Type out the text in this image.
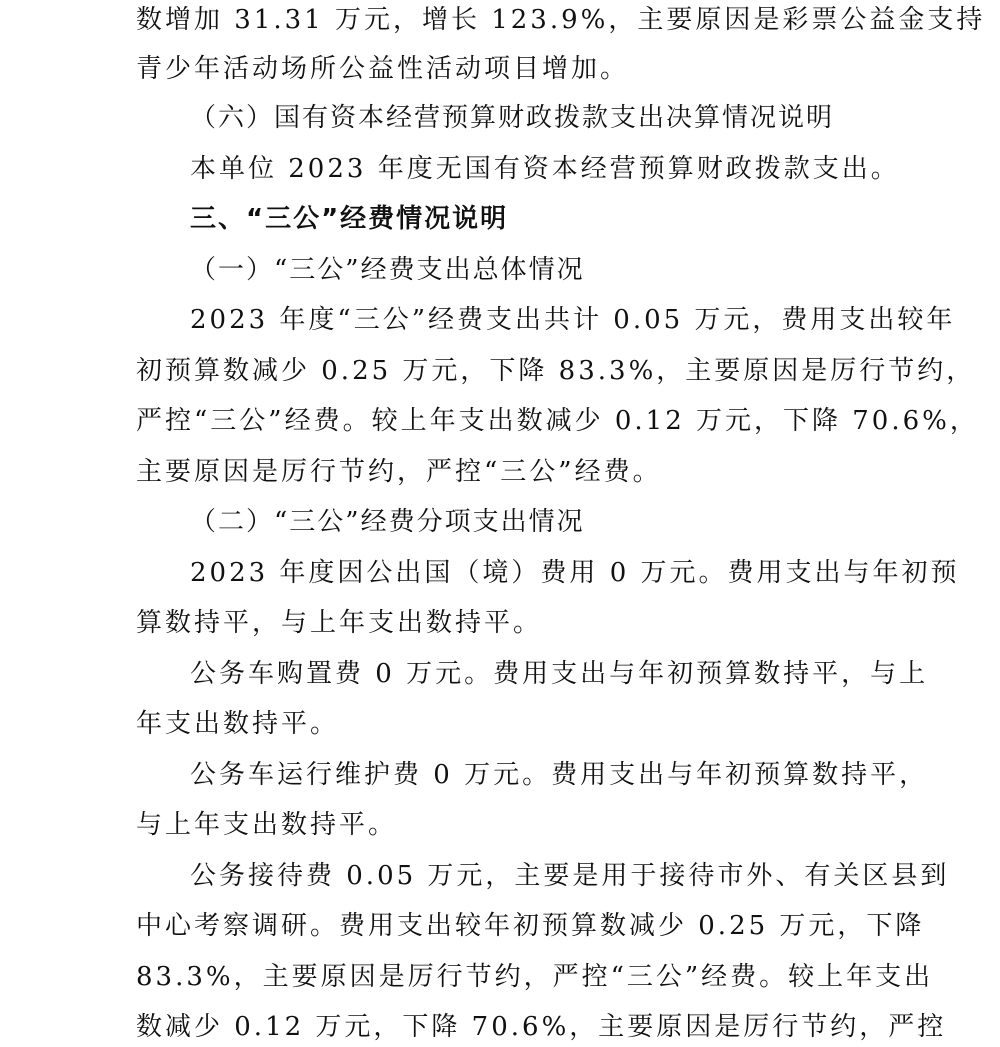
数增加 31.31 万元，增长 123.9%，主要原因是彩票公益金支持
青少年活动场所公益性活动项目增加。
（六）国有资本经营预算财政拨款支出决算情况说明
本单位 2023 年度无国有资本经营预算财政拨款支出。
三、“三公”经费情况说明
（一）“三公”经费支出总体情况
2023 年度“三公”经费支出共计 0.05 万元，费用支出较年
初预算数减少 0.25 万元，下降 83.3%，主要原因是厉行节约，
严控“三公”经费。较上年支出数减少 0.12 万元，下降 70.6%，
主要原因是厉行节约，严控“三公”经费。
（二）“三公”经费分项支出情况
2023 年度因公出国（境）费用 0 万元。费用支出与年初预
算数持平，与上年支出数持平。
公务车购置费 0 万元。费用支出与年初预算数持平，与上
年支出数持平。
公务车运行维护费 0 万元。费用支出与年初预算数持平，
与上年支出数持平。
公务接待费 0.05 万元，主要是用于接待市外、有关区县到
中心考察调研。费用支出较年初预算数减少 0.25 万元，下降
83.3%，主要原因是厉行节约，严控“三公”经费。较上年支出
数减少 0.12 万元，下降 70.6%，主要原因是厉行节约，严控
